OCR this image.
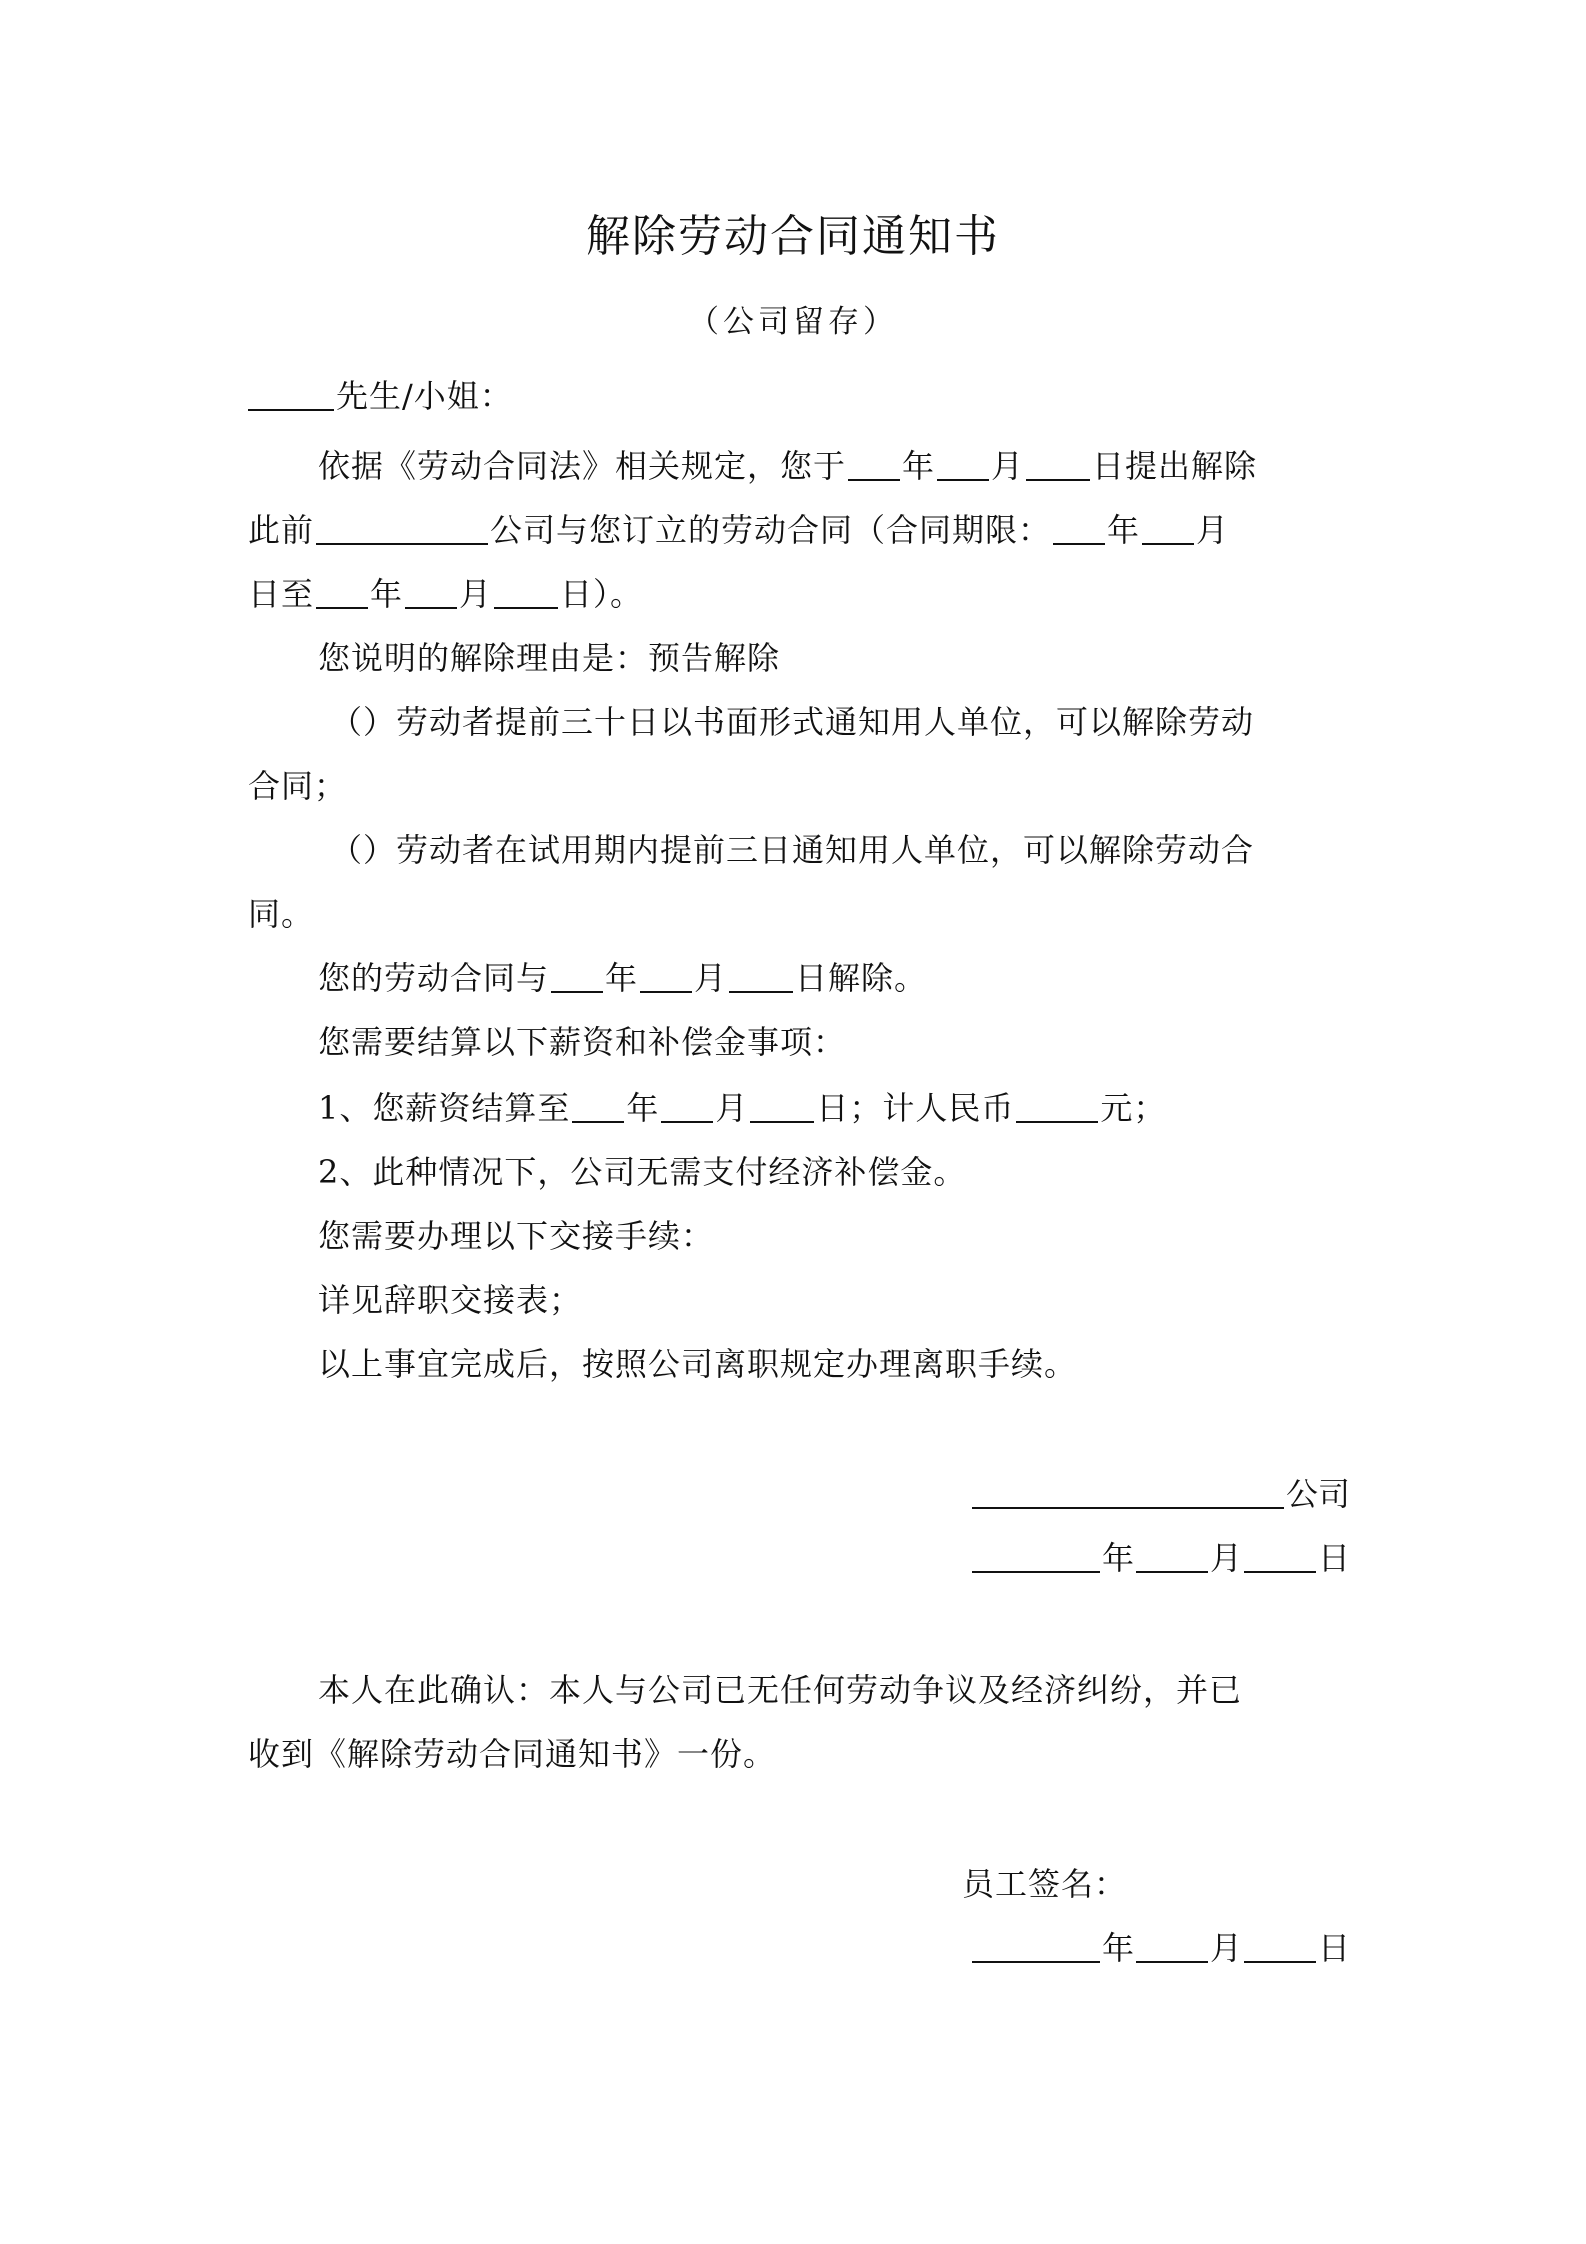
解除劳动合同通知书
（公司留存）
先生/小姐：
依据《劳动合同法》相关规定，您于 年 月 日提出解除
此前	公司与您订立的劳动合同（合同期限： 年 月
日至 年 月 日）。
您说明的解除理由是：预告解除
（）劳动者提前三十日以书面形式通知用人单位，可以解除劳动
合同；
（）劳动者在试用期内提前三日通知用人单位，可以解除劳动合
同。
您的劳动合同与 年 月 日解除。
您需要结算以下薪资和补偿金事项：
1、您薪资结算至 年 月 日；计人民币	元；
2、此种情况下，公司无需支付经济补偿金。
您需要办理以下交接手续：
详见辞职交接表；
以上事宜完成后，按照公司离职规定办理离职手续。
公司
年 月 日
本人在此确认：本人与公司已无任何劳动争议及经济纠纷，并已
收到《解除劳动合同通知书》一份。
员工签名：
年 月 日
